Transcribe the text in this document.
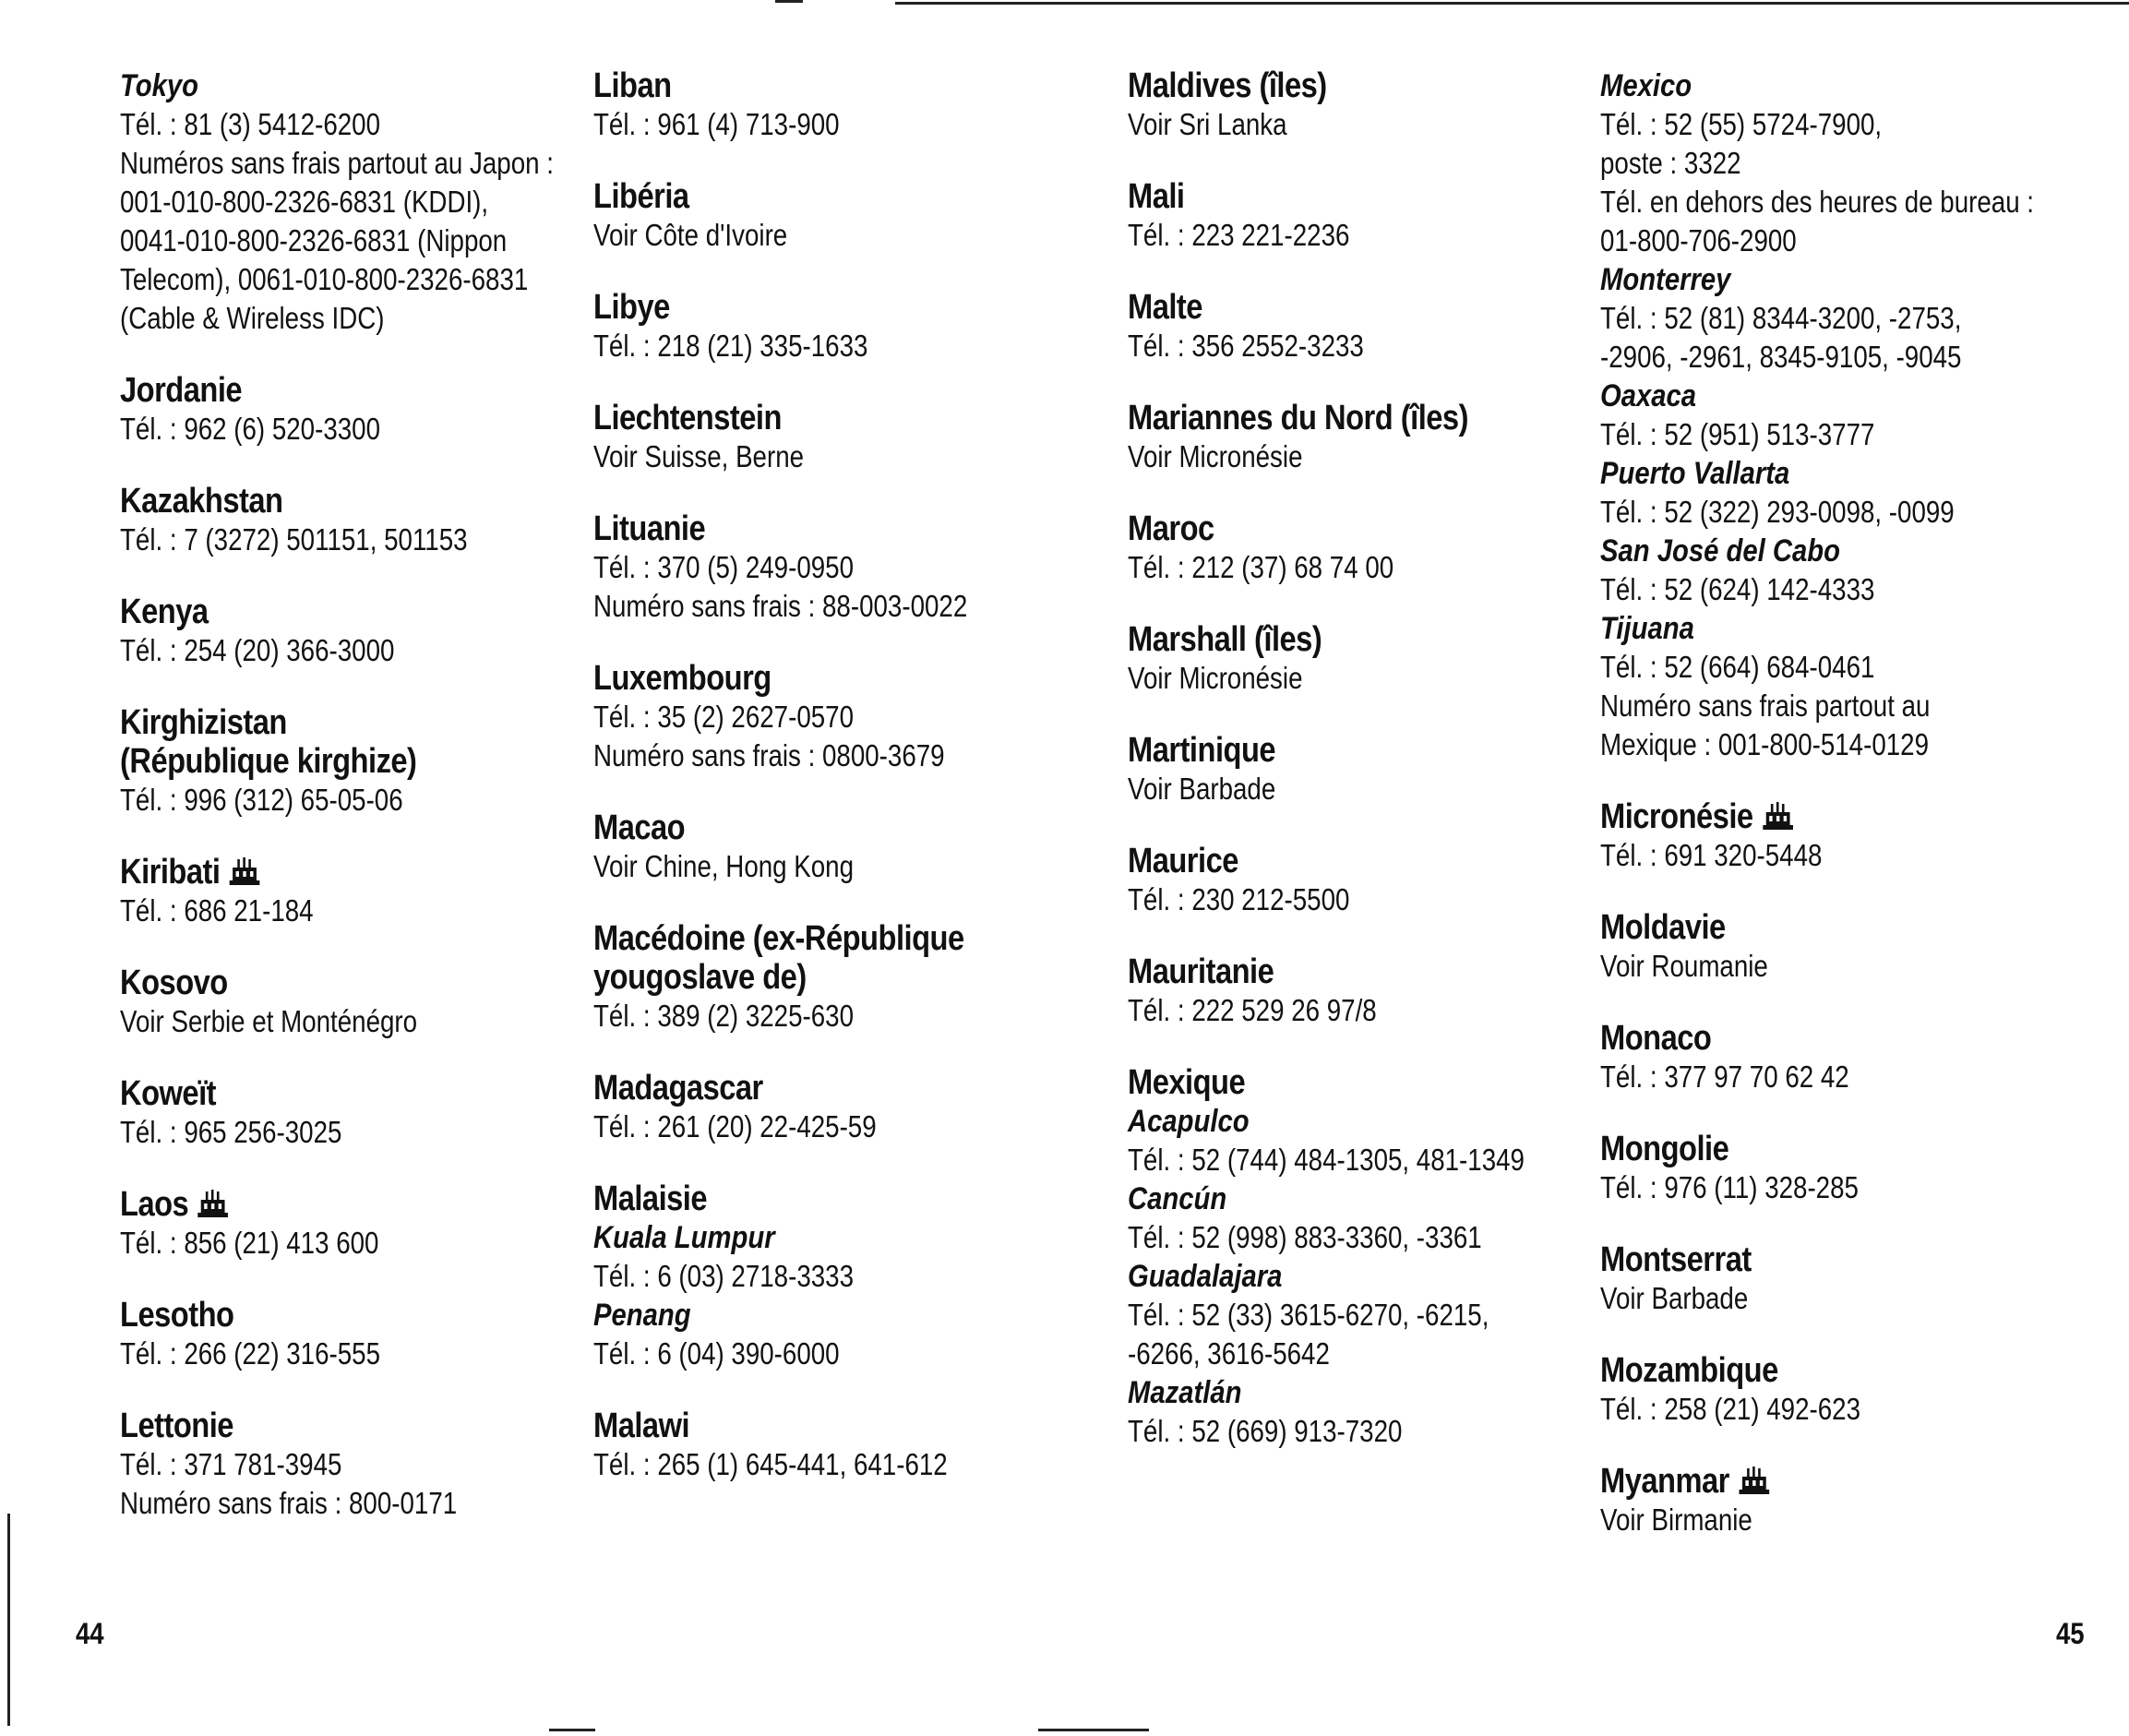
Tokyo
Tél. : 81 (3) 5412-6200
Numéros sans frais partout au Japon :
001-010-800-2326-6831 (KDDI),
0041-010-800-2326-6831 (Nippon
Telecom), 0061-010-800-2326-6831
(Cable & Wireless IDC)
Jordanie
Tél. : 962 (6) 520-3300
Kazakhstan
Tél. : 7 (3272) 501151, 501153
Kenya
Tél. : 254 (20) 366-3000
Kirghizistan
(République kirghize)
Tél. : 996 (312) 65-05-06
Kiribati
Tél. : 686 21-184
Kosovo
Voir Serbie et Monténégro
Koweït
Tél. : 965 256-3025
Laos
Tél. : 856 (21) 413 600
Lesotho
Tél. : 266 (22) 316-555
Lettonie
Tél. : 371 781-3945
Numéro sans frais : 800-0171
Liban
Tél. : 961 (4) 713-900
Libéria
Voir Côte d'Ivoire
Libye
Tél. : 218 (21) 335-1633
Liechtenstein
Voir Suisse, Berne
Lituanie
Tél. : 370 (5) 249-0950
Numéro sans frais : 88-003-0022
Luxembourg
Tél. : 35 (2) 2627-0570
Numéro sans frais : 0800-3679
Macao
Voir Chine, Hong Kong
Macédoine (ex-République
yougoslave de)
Tél. : 389 (2) 3225-630
Madagascar
Tél. : 261 (20) 22-425-59
Malaisie
Kuala Lumpur
Tél. : 6 (03) 2718-3333
Penang
Tél. : 6 (04) 390-6000
Malawi
Tél. : 265 (1) 645-441, 641-612
Maldives (îles)
Voir Sri Lanka
Mali
Tél. : 223 221-2236
Malte
Tél. : 356 2552-3233
Mariannes du Nord (îles)
Voir Micronésie
Maroc
Tél. : 212 (37) 68 74 00
Marshall (îles)
Voir Micronésie
Martinique
Voir Barbade
Maurice
Tél. : 230 212-5500
Mauritanie
Tél. : 222 529 26 97/8
Mexique
Acapulco
Tél. : 52 (744) 484-1305, 481-1349
Cancún
Tél. : 52 (998) 883-3360, -3361
Guadalajara
Tél. : 52 (33) 3615-6270, -6215,
-6266, 3616-5642
Mazatlán
Tél. : 52 (669) 913-7320
Mexico
Tél. : 52 (55) 5724-7900,
poste : 3322
Tél. en dehors des heures de bureau :
01-800-706-2900
Monterrey
Tél. : 52 (81) 8344-3200, -2753,
-2906, -2961, 8345-9105, -9045
Oaxaca
Tél. : 52 (951) 513-3777
Puerto Vallarta
Tél. : 52 (322) 293-0098, -0099
San José del Cabo
Tél. : 52 (624) 142-4333
Tijuana
Tél. : 52 (664) 684-0461
Numéro sans frais partout au
Mexique : 001-800-514-0129
Micronésie
Tél. : 691 320-5448
Moldavie
Voir Roumanie
Monaco
Tél. : 377 97 70 62 42
Mongolie
Tél. : 976 (11) 328-285
Montserrat
Voir Barbade
Mozambique
Tél. : 258 (21) 492-623
Myanmar
Voir Birmanie
44	45
